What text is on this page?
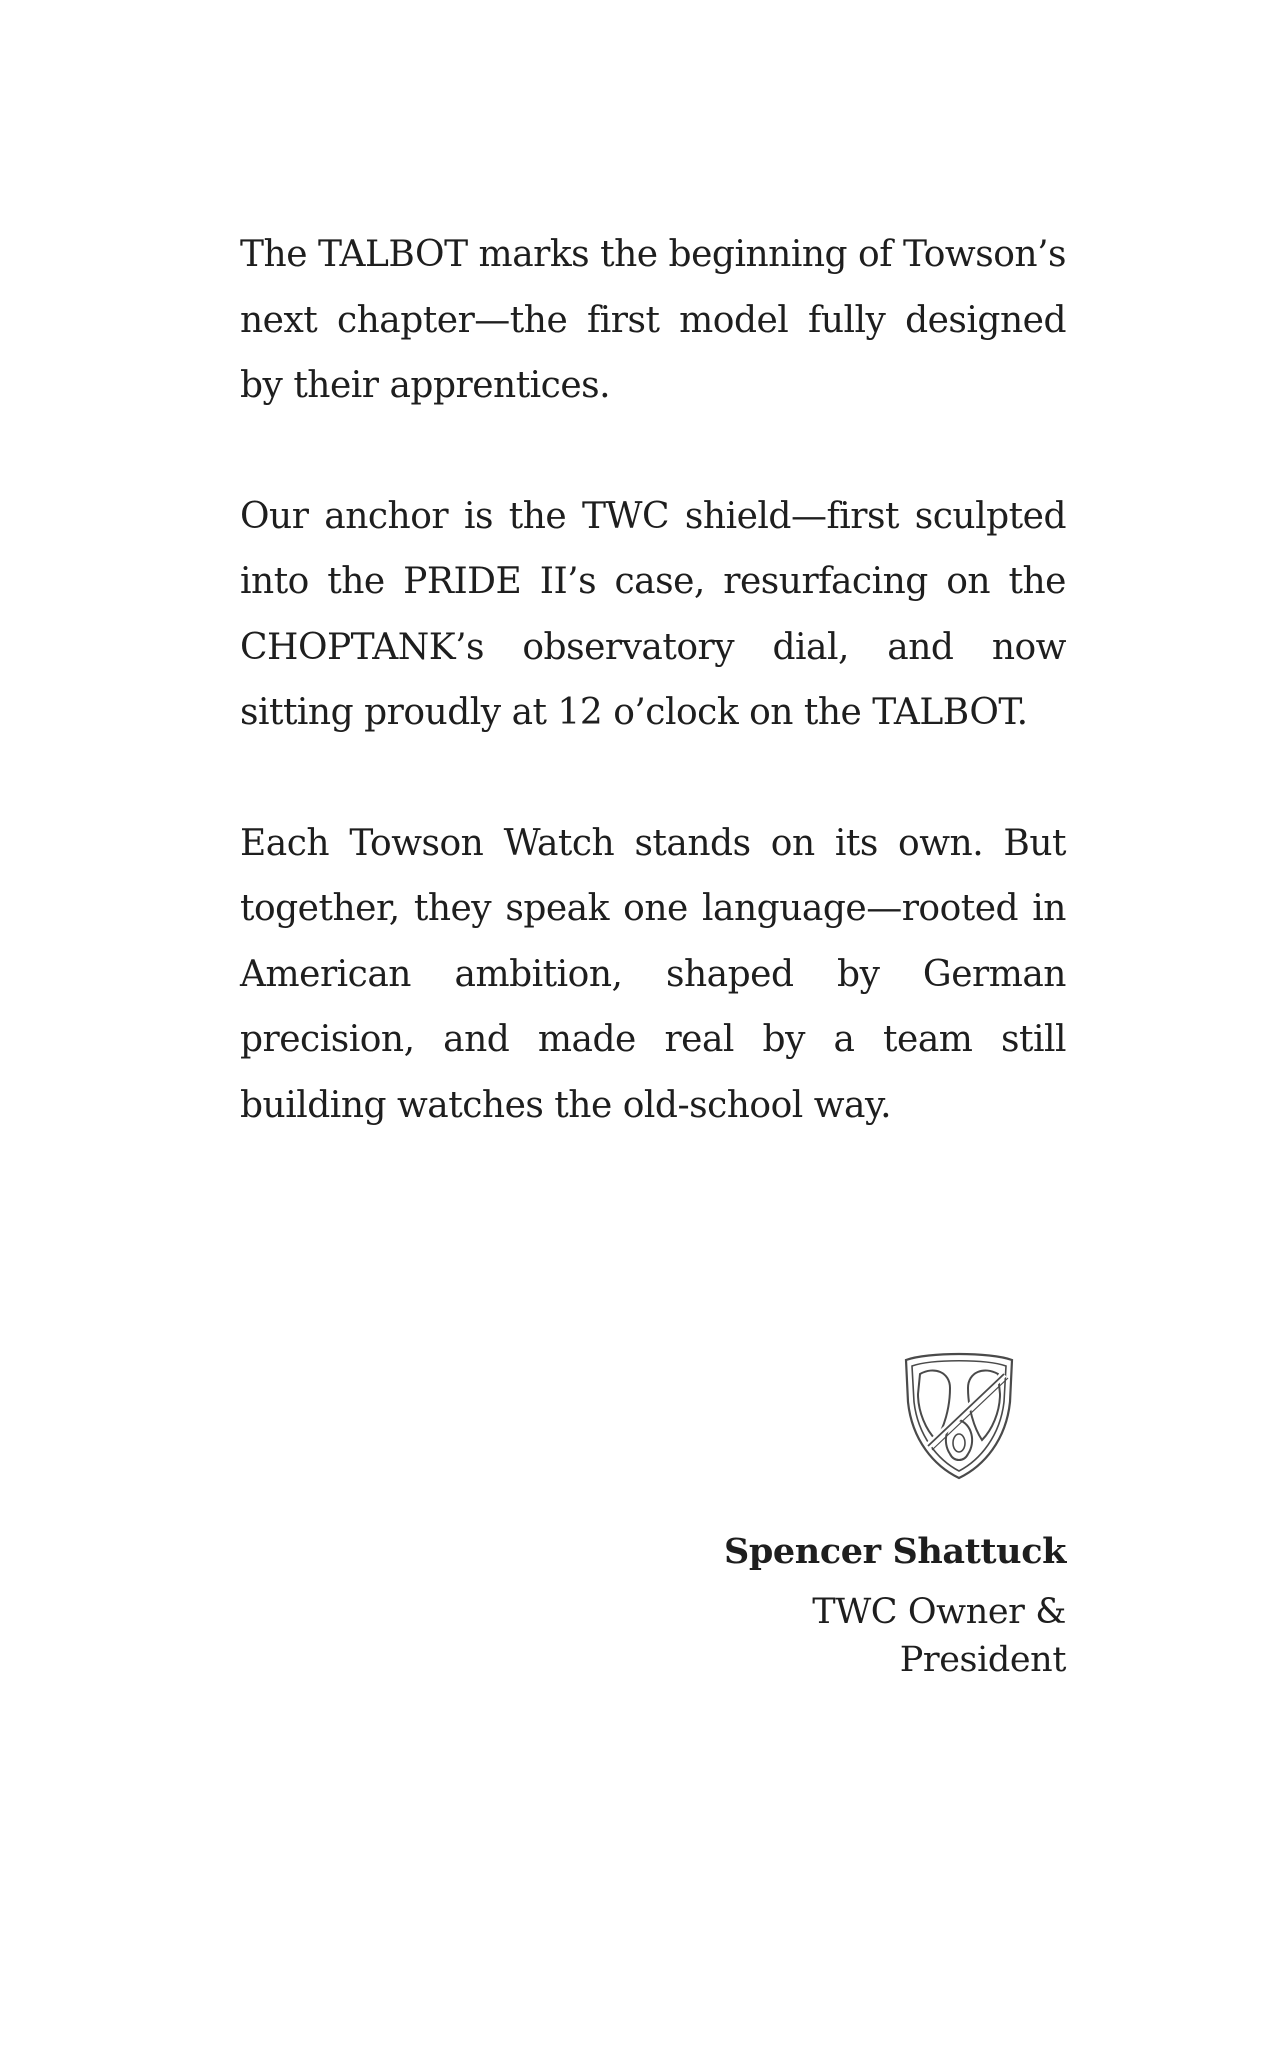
The TALBOT marks the beginning of Towson’s next chapter—the first model fully designed by their apprentices.

Our anchor is the TWC shield—first sculpted into the PRIDE II’s case, resurfacing on the CHOPTANK’s observatory dial, and now sitting proudly at 12 o’clock on the TALBOT.

Each Towson Watch stands on its own. But together, they speak one language—rooted in American ambition, shaped by German precision, and made real by a team still building watches the old-school way.

Spencer Shattuck
TWC Owner & President
